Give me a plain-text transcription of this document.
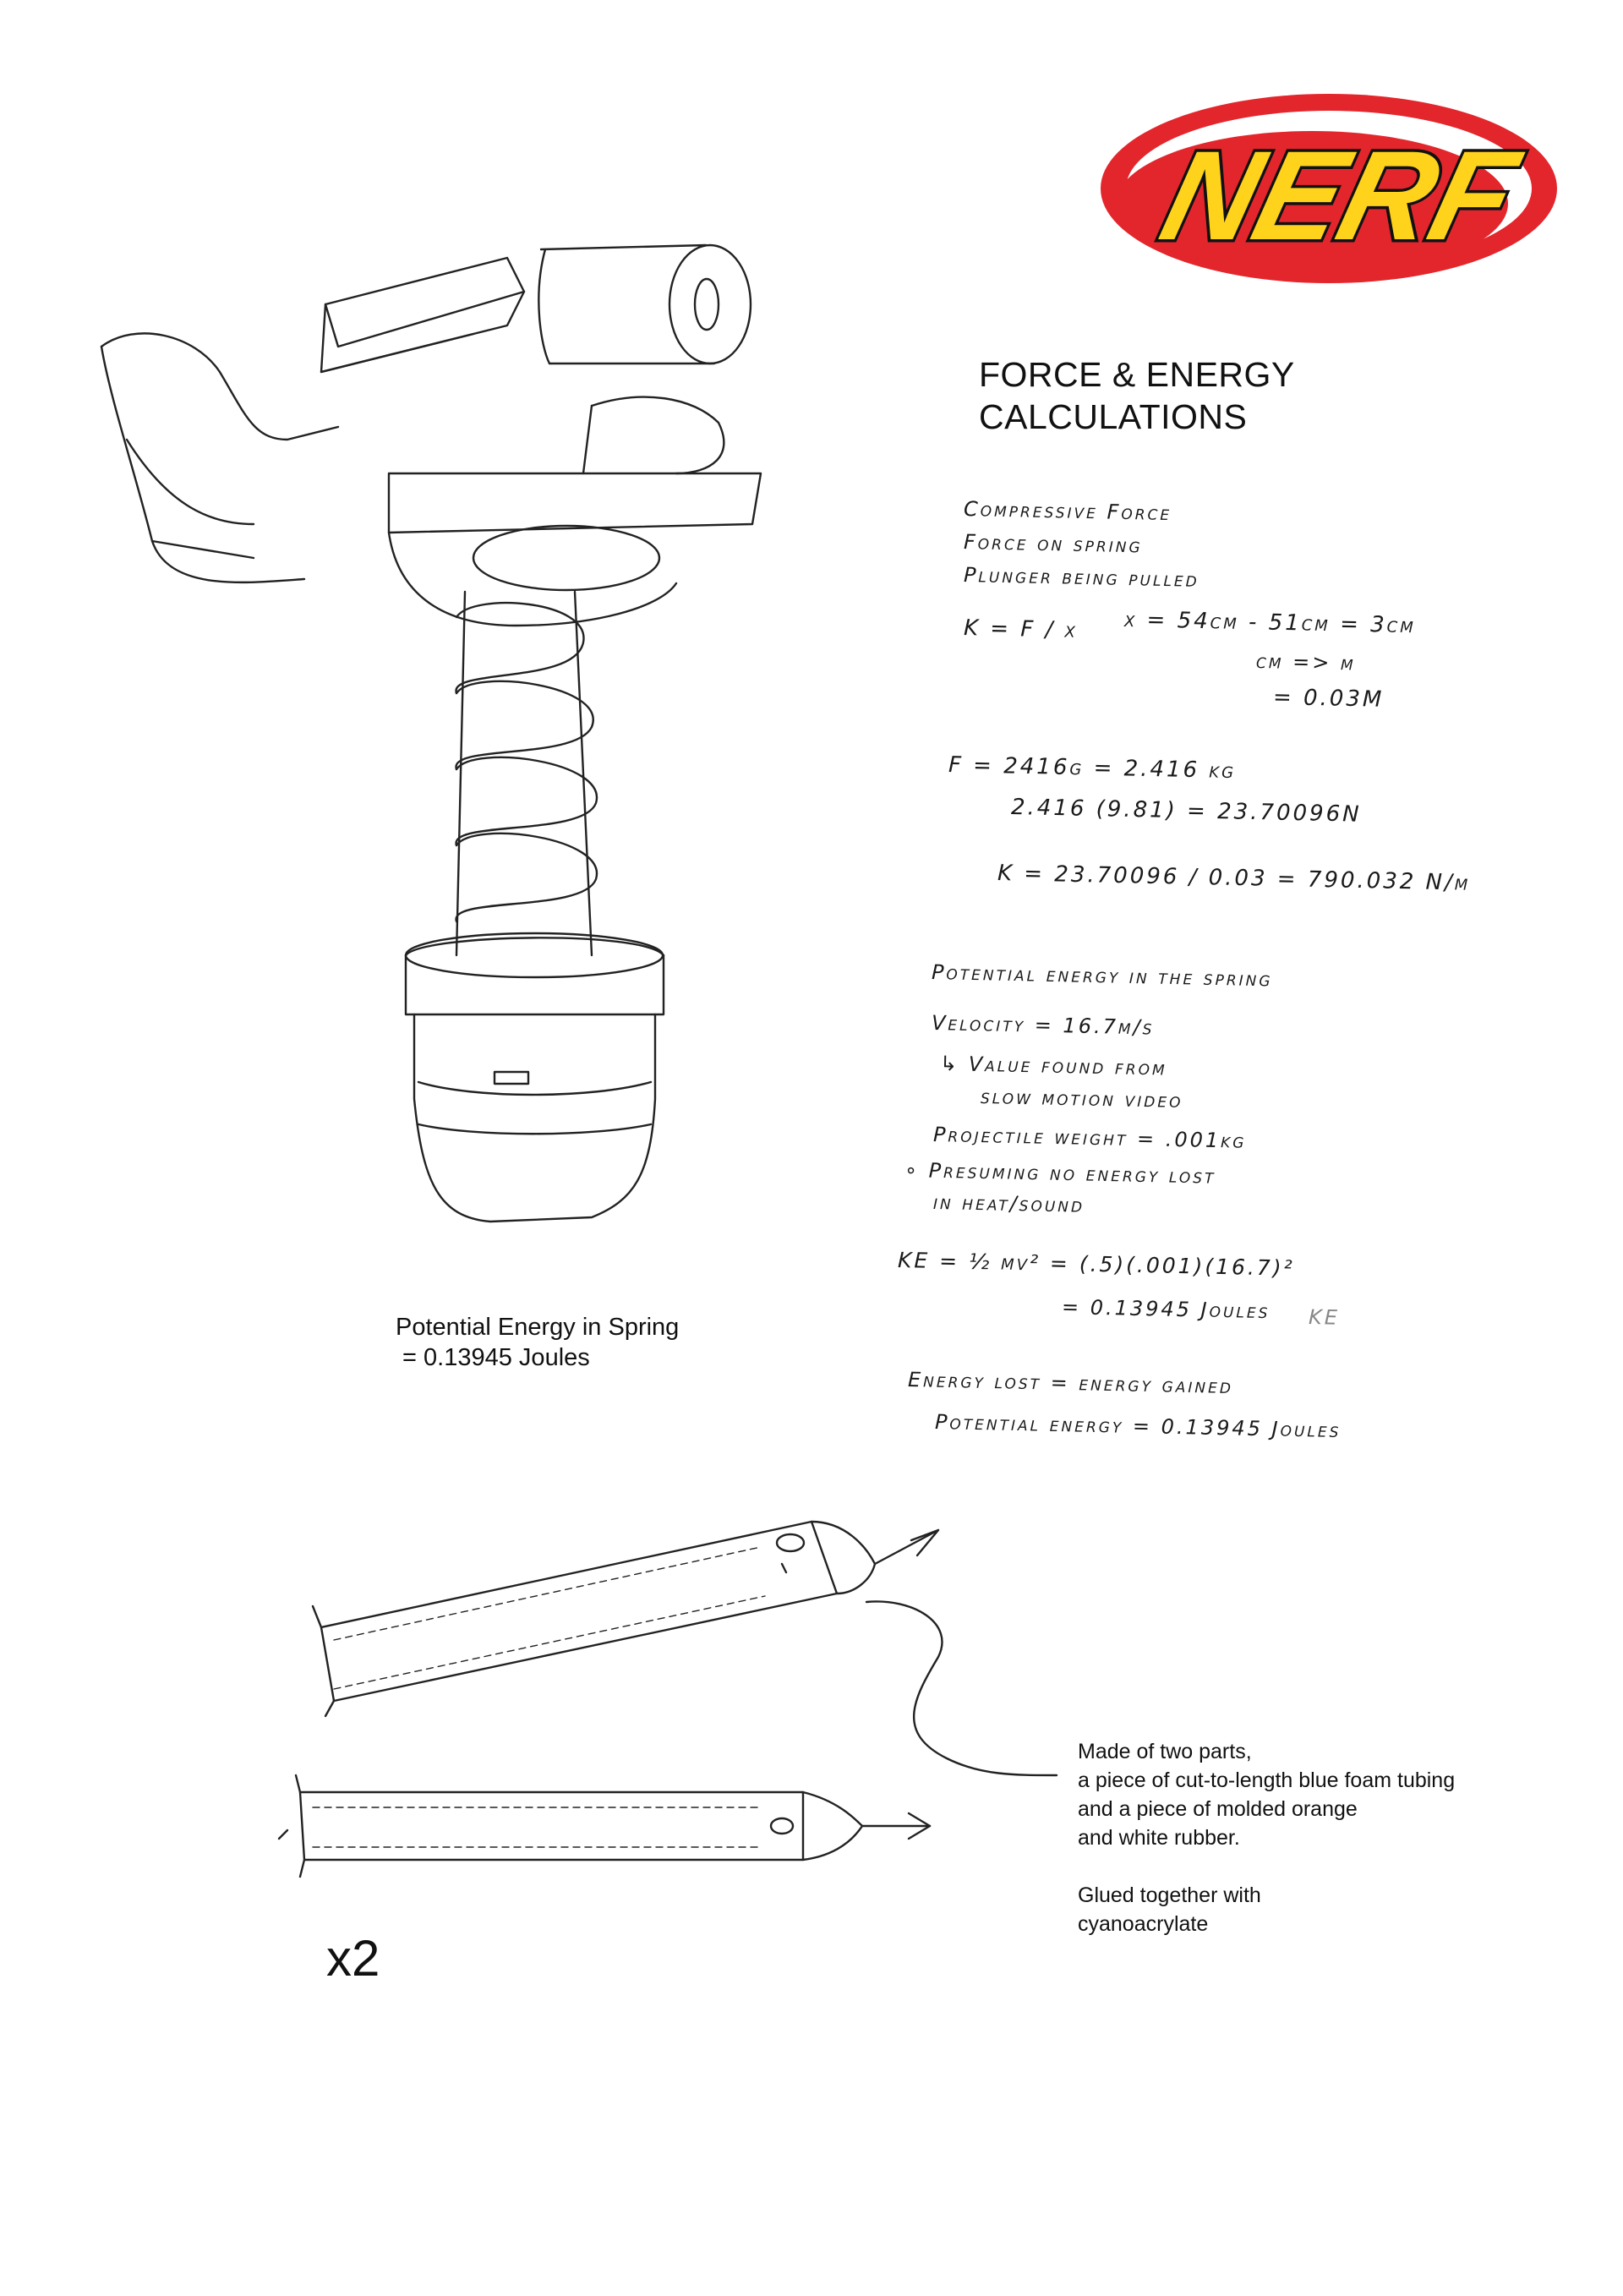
NERF
FORCE & ENERGY
CALCULATIONS
Compressive Force
Force on spring
Plunger being pulled
K = F / x x = 54cm - 51cm = 3cm
cm => m
= 0.03M
F = 2416g = 2.416 kg
2.416 (9.81) = 23.70096N
K = 23.70096 / 0.03 = 790.032 N/m
Potential energy in the spring
Velocity = 16.7m/s
↳ Value found from
slow motion video
Projectile weight = .001kg
∘ Presuming no energy lost
in heat/sound
KE = ½ mv² = (.5)(.001)(16.7)²
= 0.13945 Joules KE
Energy lost = energy gained
Potential energy = 0.13945 Joules
Potential Energy in Spring
= 0.13945 Joules
Made of two parts,
a piece of cut-to-length blue foam tubing
and a piece of molded orange
and white rubber.
Glued together with
cyanoacrylate
x2
